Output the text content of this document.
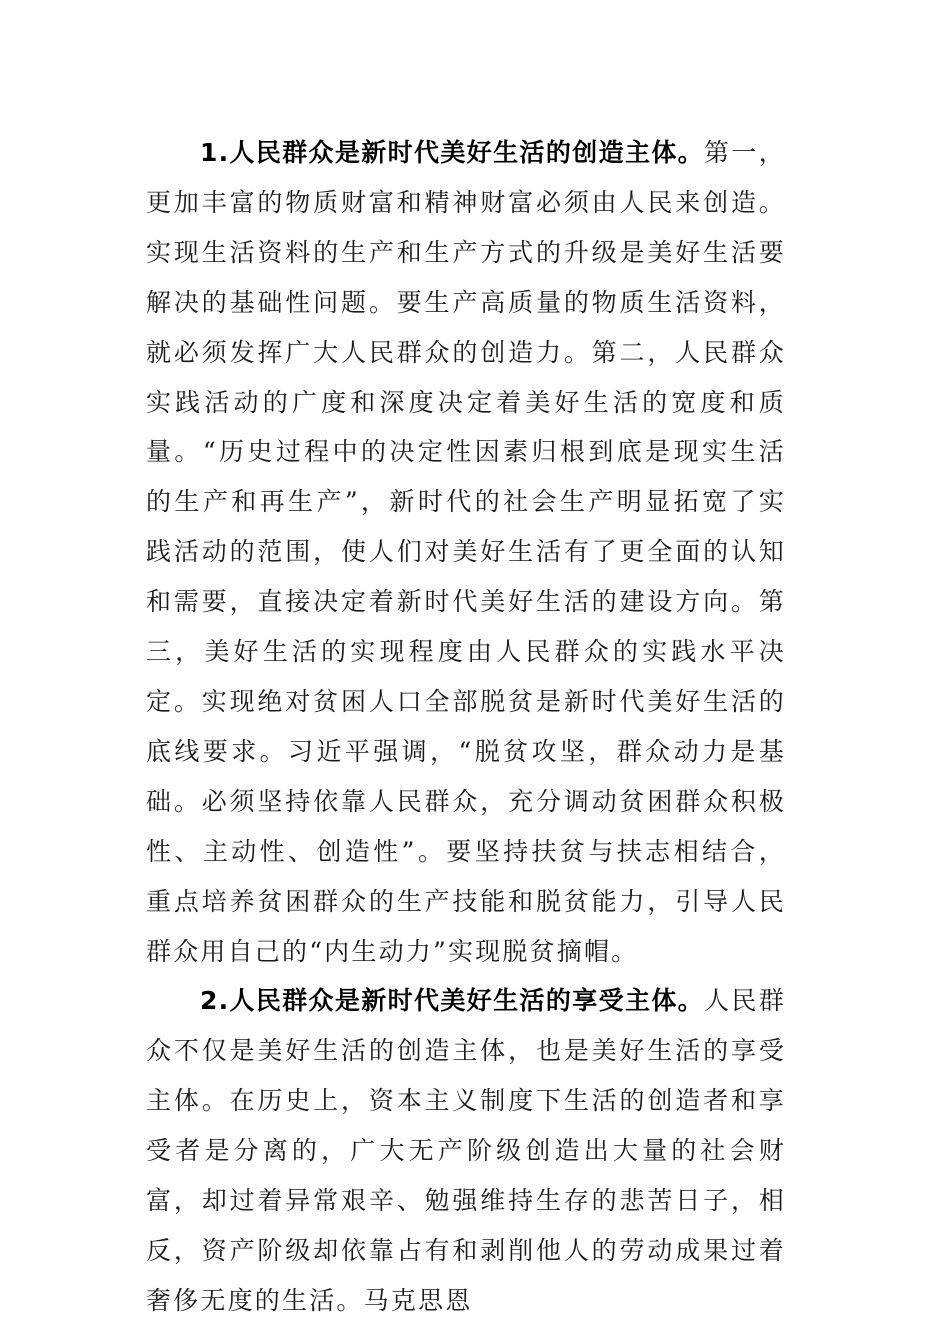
1.人民群众是新时代美好生活的创造主体。第一，更加丰富的物质财富和精神财富必须由人民来创造。实现生活资料的生产和生产方式的升级是美好生活要解决的基础性问题。要生产高质量的物质生活资料，就必须发挥广大人民群众的创造力。第二，人民群众实践活动的广度和深度决定着美好生活的宽度和质量。“历史过程中的决定性因素归根到底是现实生活的生产和再生产”，新时代的社会生产明显拓宽了实践活动的范围，使人们对美好生活有了更全面的认知和需要，直接决定着新时代美好生活的建设方向。第三，美好生活的实现程度由人民群众的实践水平决定。实现绝对贫困人口全部脱贫是新时代美好生活的底线要求。习近平强调，“脱贫攻坚，群众动力是基础。必须坚持依靠人民群众，充分调动贫困群众积极性、主动性、创造性”。要坚持扶贫与扶志相结合，重点培养贫困群众的生产技能和脱贫能力，引导人民群众用自己的“内生动力”实现脱贫摘帽。

2.人民群众是新时代美好生活的享受主体。人民群众不仅是美好生活的创造主体，也是美好生活的享受主体。在历史上，资本主义制度下生活的创造者和享受者是分离的，广大无产阶级创造出大量的社会财富，却过着异常艰辛、勉强维持生存的悲苦日子，相反，资产阶级却依靠占有和剥削他人的劳动成果过着奢侈无度的生活。马克思恩
